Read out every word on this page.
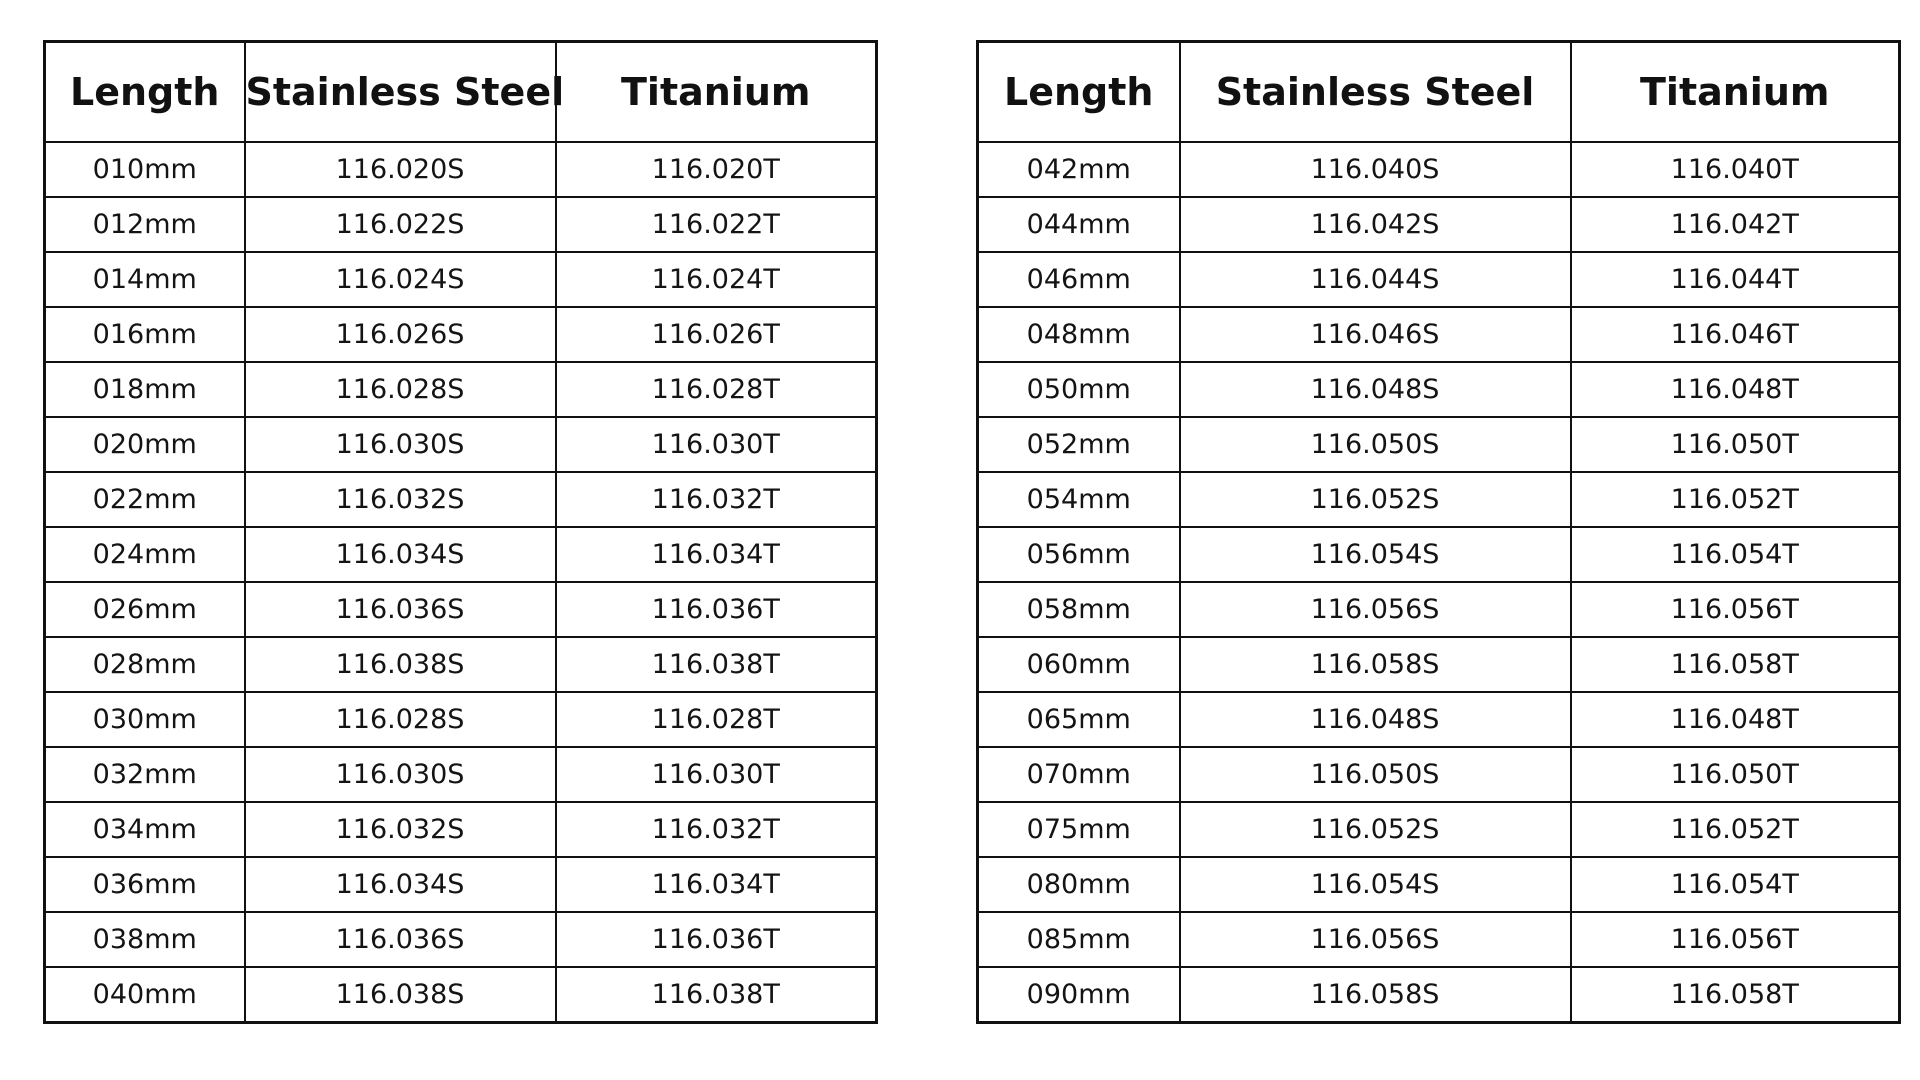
Length	Stainless Steel	Titanium
010mm	116.020S	116.020T
012mm	116.022S	116.022T
014mm	116.024S	116.024T
016mm	116.026S	116.026T
018mm	116.028S	116.028T
020mm	116.030S	116.030T
022mm	116.032S	116.032T
024mm	116.034S	116.034T
026mm	116.036S	116.036T
028mm	116.038S	116.038T
030mm	116.028S	116.028T
032mm	116.030S	116.030T
034mm	116.032S	116.032T
036mm	116.034S	116.034T
038mm	116.036S	116.036T
040mm	116.038S	116.038T
Length	Stainless Steel	Titanium
042mm	116.040S	116.040T
044mm	116.042S	116.042T
046mm	116.044S	116.044T
048mm	116.046S	116.046T
050mm	116.048S	116.048T
052mm	116.050S	116.050T
054mm	116.052S	116.052T
056mm	116.054S	116.054T
058mm	116.056S	116.056T
060mm	116.058S	116.058T
065mm	116.048S	116.048T
070mm	116.050S	116.050T
075mm	116.052S	116.052T
080mm	116.054S	116.054T
085mm	116.056S	116.056T
090mm	116.058S	116.058T
